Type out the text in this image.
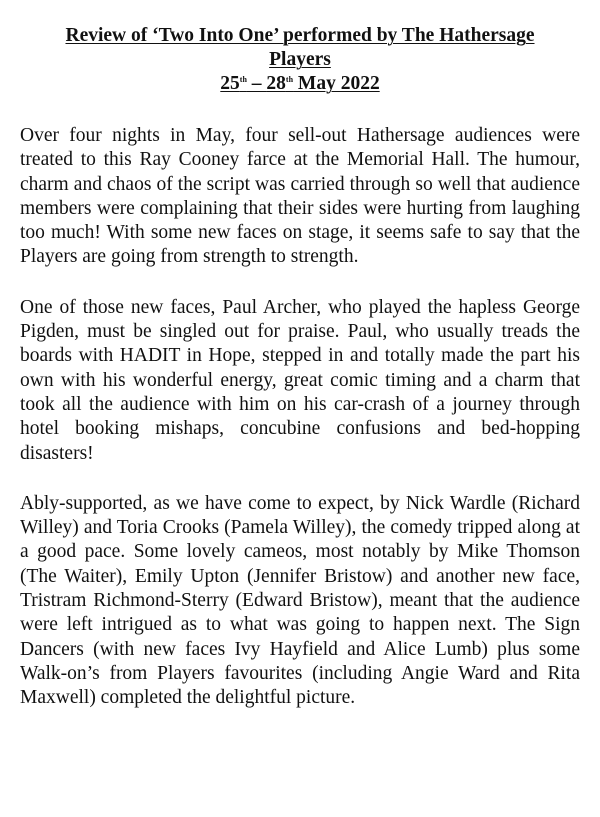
Review of ‘Two Into One’ performed by The Hathersage
Players
25th – 28th May 2022

Over four nights in May, four sell-out Hathersage audiences were treated to this Ray Cooney farce at the Memorial Hall. The humour, charm and chaos of the script was carried through so well that audience members were complaining that their sides were hurting from laughing too much! With some new faces on stage, it seems safe to say that the Players are going from strength to strength.

One of those new faces, Paul Archer, who played the hapless George Pigden, must be singled out for praise. Paul, who usually treads the boards with HADIT in Hope, stepped in and totally made the part his own with his wonderful energy, great comic timing and a charm that took all the audience with him on his car-crash of a journey through hotel booking mishaps, concubine confusions and bed-hopping disasters!

Ably-supported, as we have come to expect, by Nick Wardle (Richard Willey) and Toria Crooks (Pamela Willey), the comedy tripped along at a good pace. Some lovely cameos, most notably by Mike Thomson (The Waiter), Emily Upton (Jennifer Bristow) and another new face, Tristram Richmond-Sterry (Edward Bristow), meant that the audience were left intrigued as to what was going to happen next. The Sign Dancers (with new faces Ivy Hayfield and Alice Lumb) plus some Walk-on’s from Players favourites (including Angie Ward and Rita Maxwell) completed the delightful picture.
